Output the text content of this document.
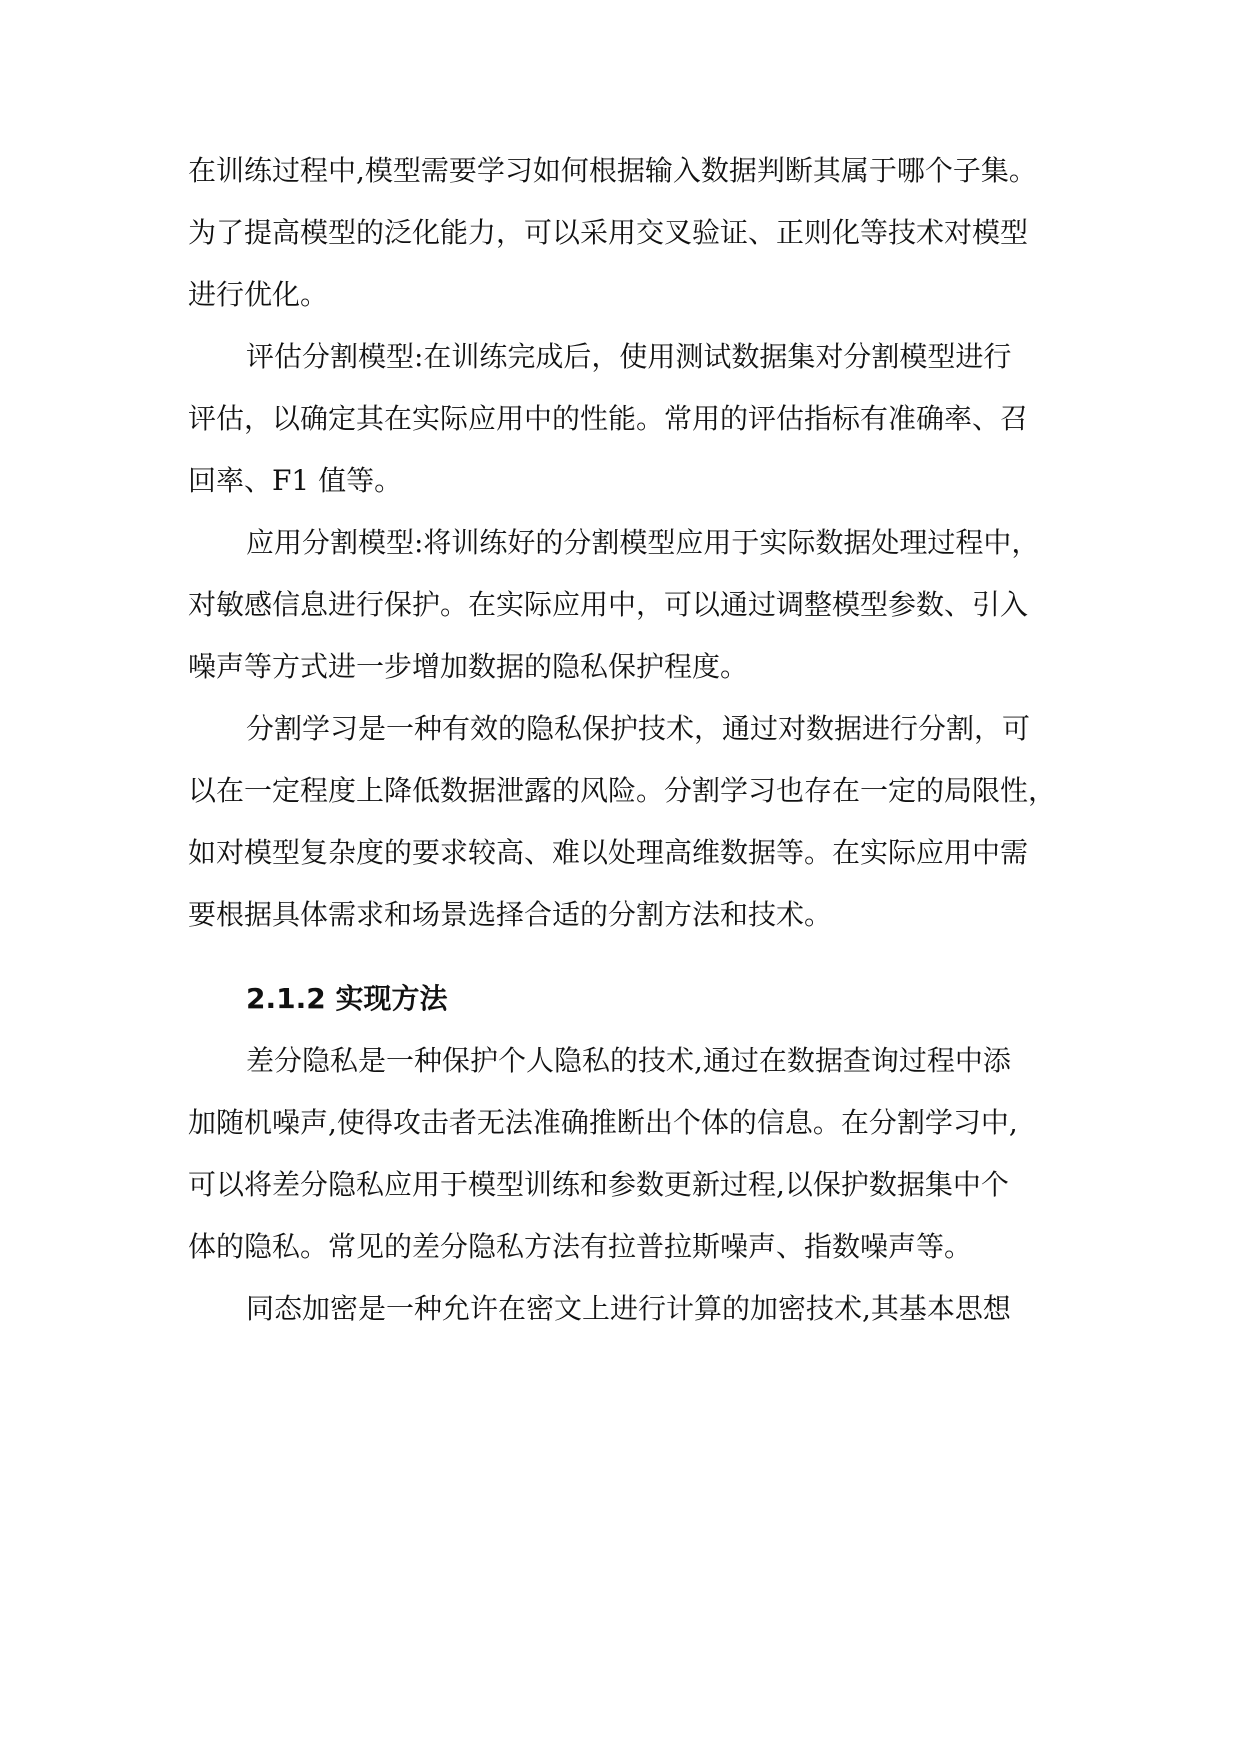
在训练过程中,模型需要学习如何根据输入数据判断其属于哪个子集。
为了提高模型的泛化能力，可以采用交叉验证、正则化等技术对模型
进行优化。
评估分割模型:在训练完成后，使用测试数据集对分割模型进行
评估，以确定其在实际应用中的性能。常用的评估指标有准确率、召
回率、F1 值等。
应用分割模型:将训练好的分割模型应用于实际数据处理过程中，
对敏感信息进行保护。在实际应用中，可以通过调整模型参数、引入
噪声等方式进一步增加数据的隐私保护程度。
分割学习是一种有效的隐私保护技术，通过对数据进行分割，可
以在一定程度上降低数据泄露的风险。分割学习也存在一定的局限性，
如对模型复杂度的要求较高、难以处理高维数据等。在实际应用中需
要根据具体需求和场景选择合适的分割方法和技术。
2.1.2 实现方法
差分隐私是一种保护个人隐私的技术,通过在数据查询过程中添
加随机噪声,使得攻击者无法准确推断出个体的信息。在分割学习中,
可以将差分隐私应用于模型训练和参数更新过程,以保护数据集中个
体的隐私。常见的差分隐私方法有拉普拉斯噪声、指数噪声等。
同态加密是一种允许在密文上进行计算的加密技术,其基本思想
